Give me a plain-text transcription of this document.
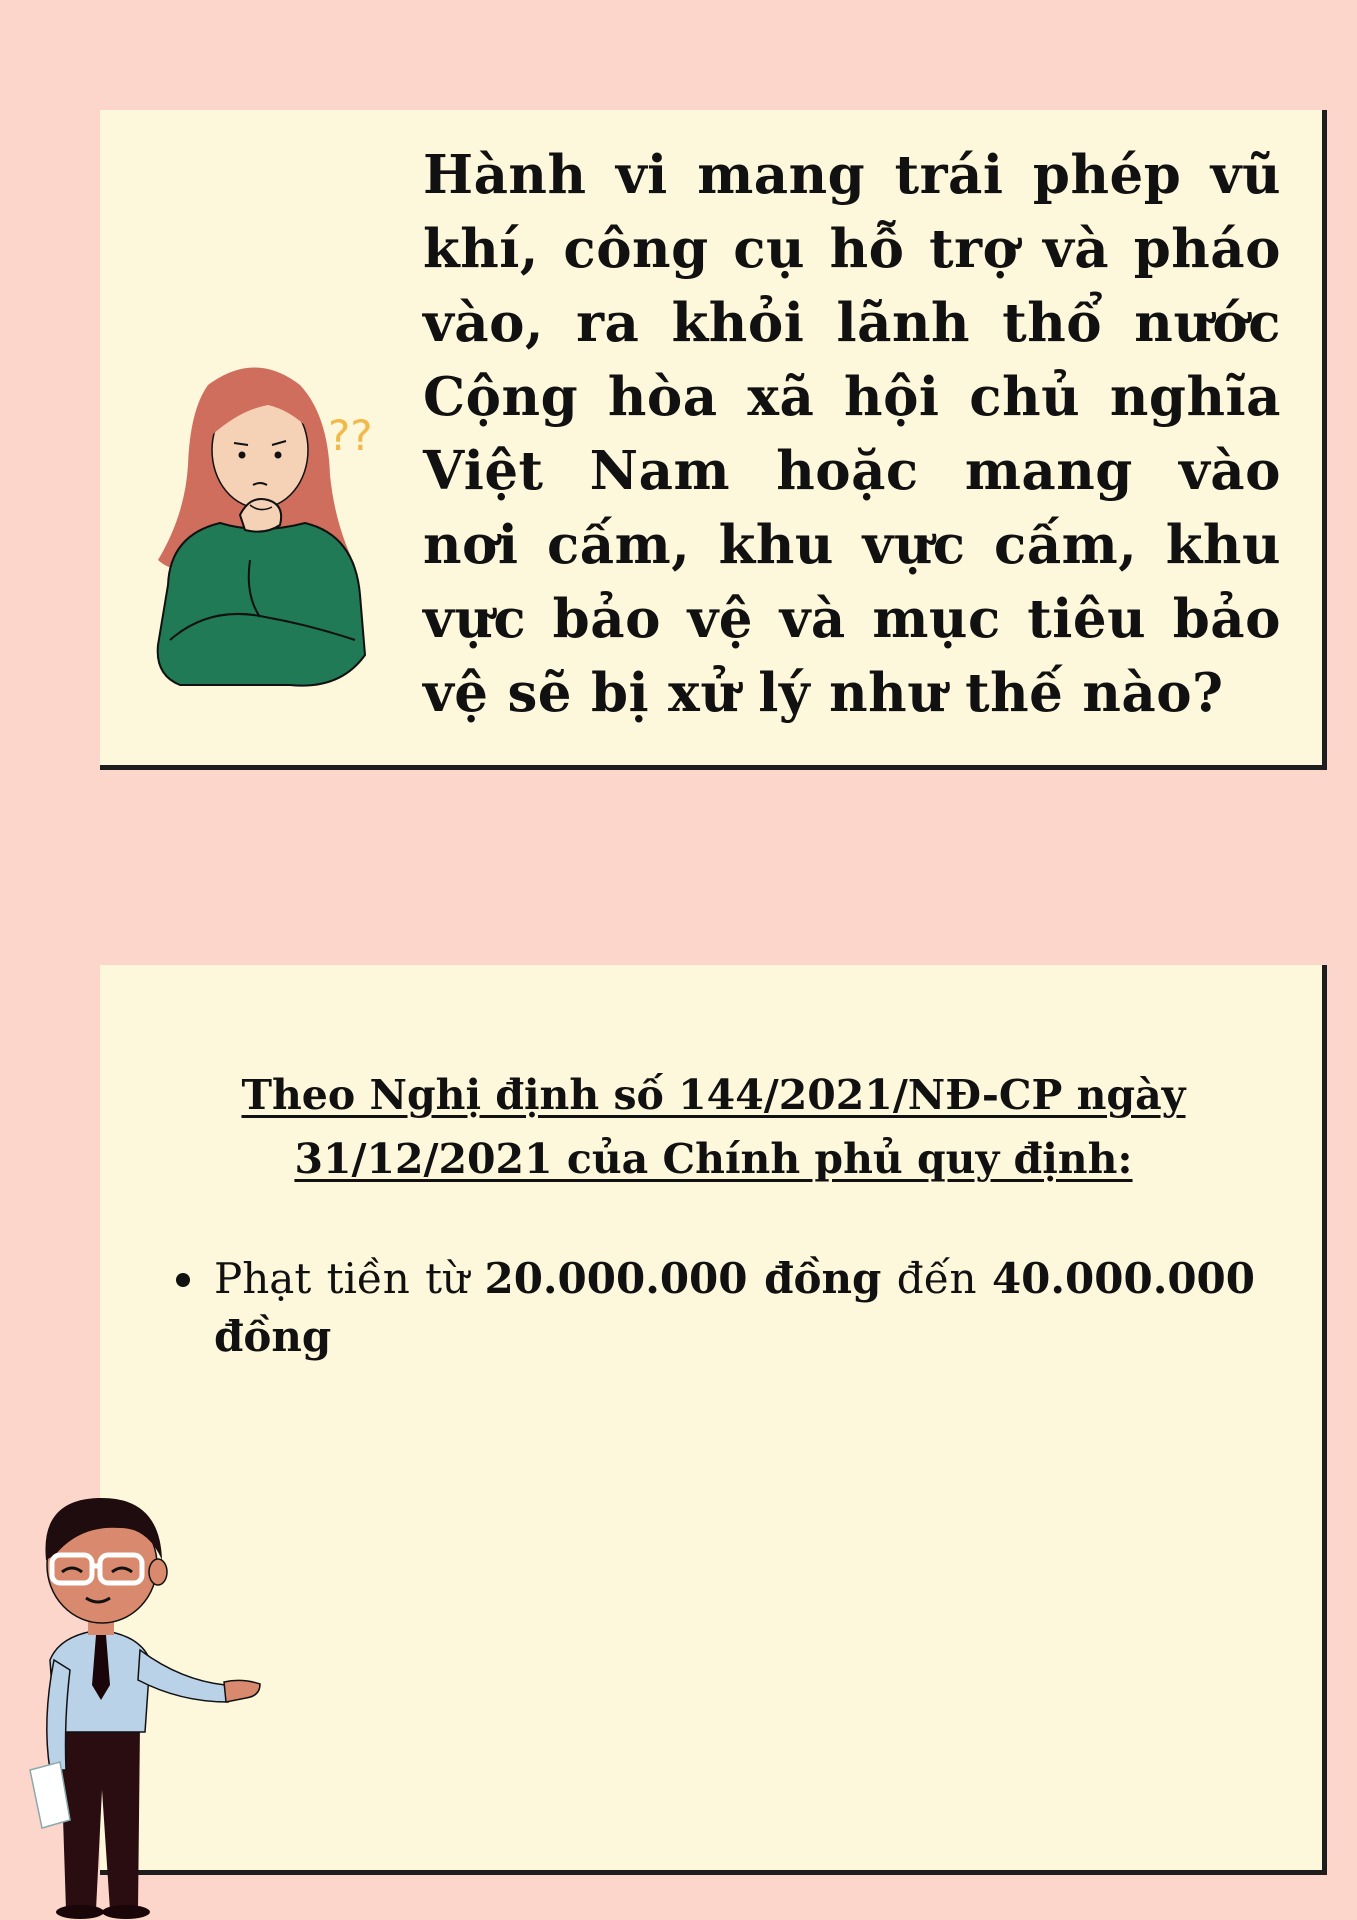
Hành vi mang trái phép vũ khí, công cụ hỗ trợ và pháo vào, ra khỏi lãnh thổ nước Cộng hòa xã hội chủ nghĩa Việt Nam hoặc mang vào nơi cấm, khu vực cấm, khu vực bảo vệ và mục tiêu bảo vệ sẽ bị xử lý như thế nào?

??
Theo Nghị định số 144/2021/NĐ-CP ngày
31/12/2021 của Chính phủ quy định:
Phạt tiền từ 20.000.000 đồng đến 40.000.000 đồng
